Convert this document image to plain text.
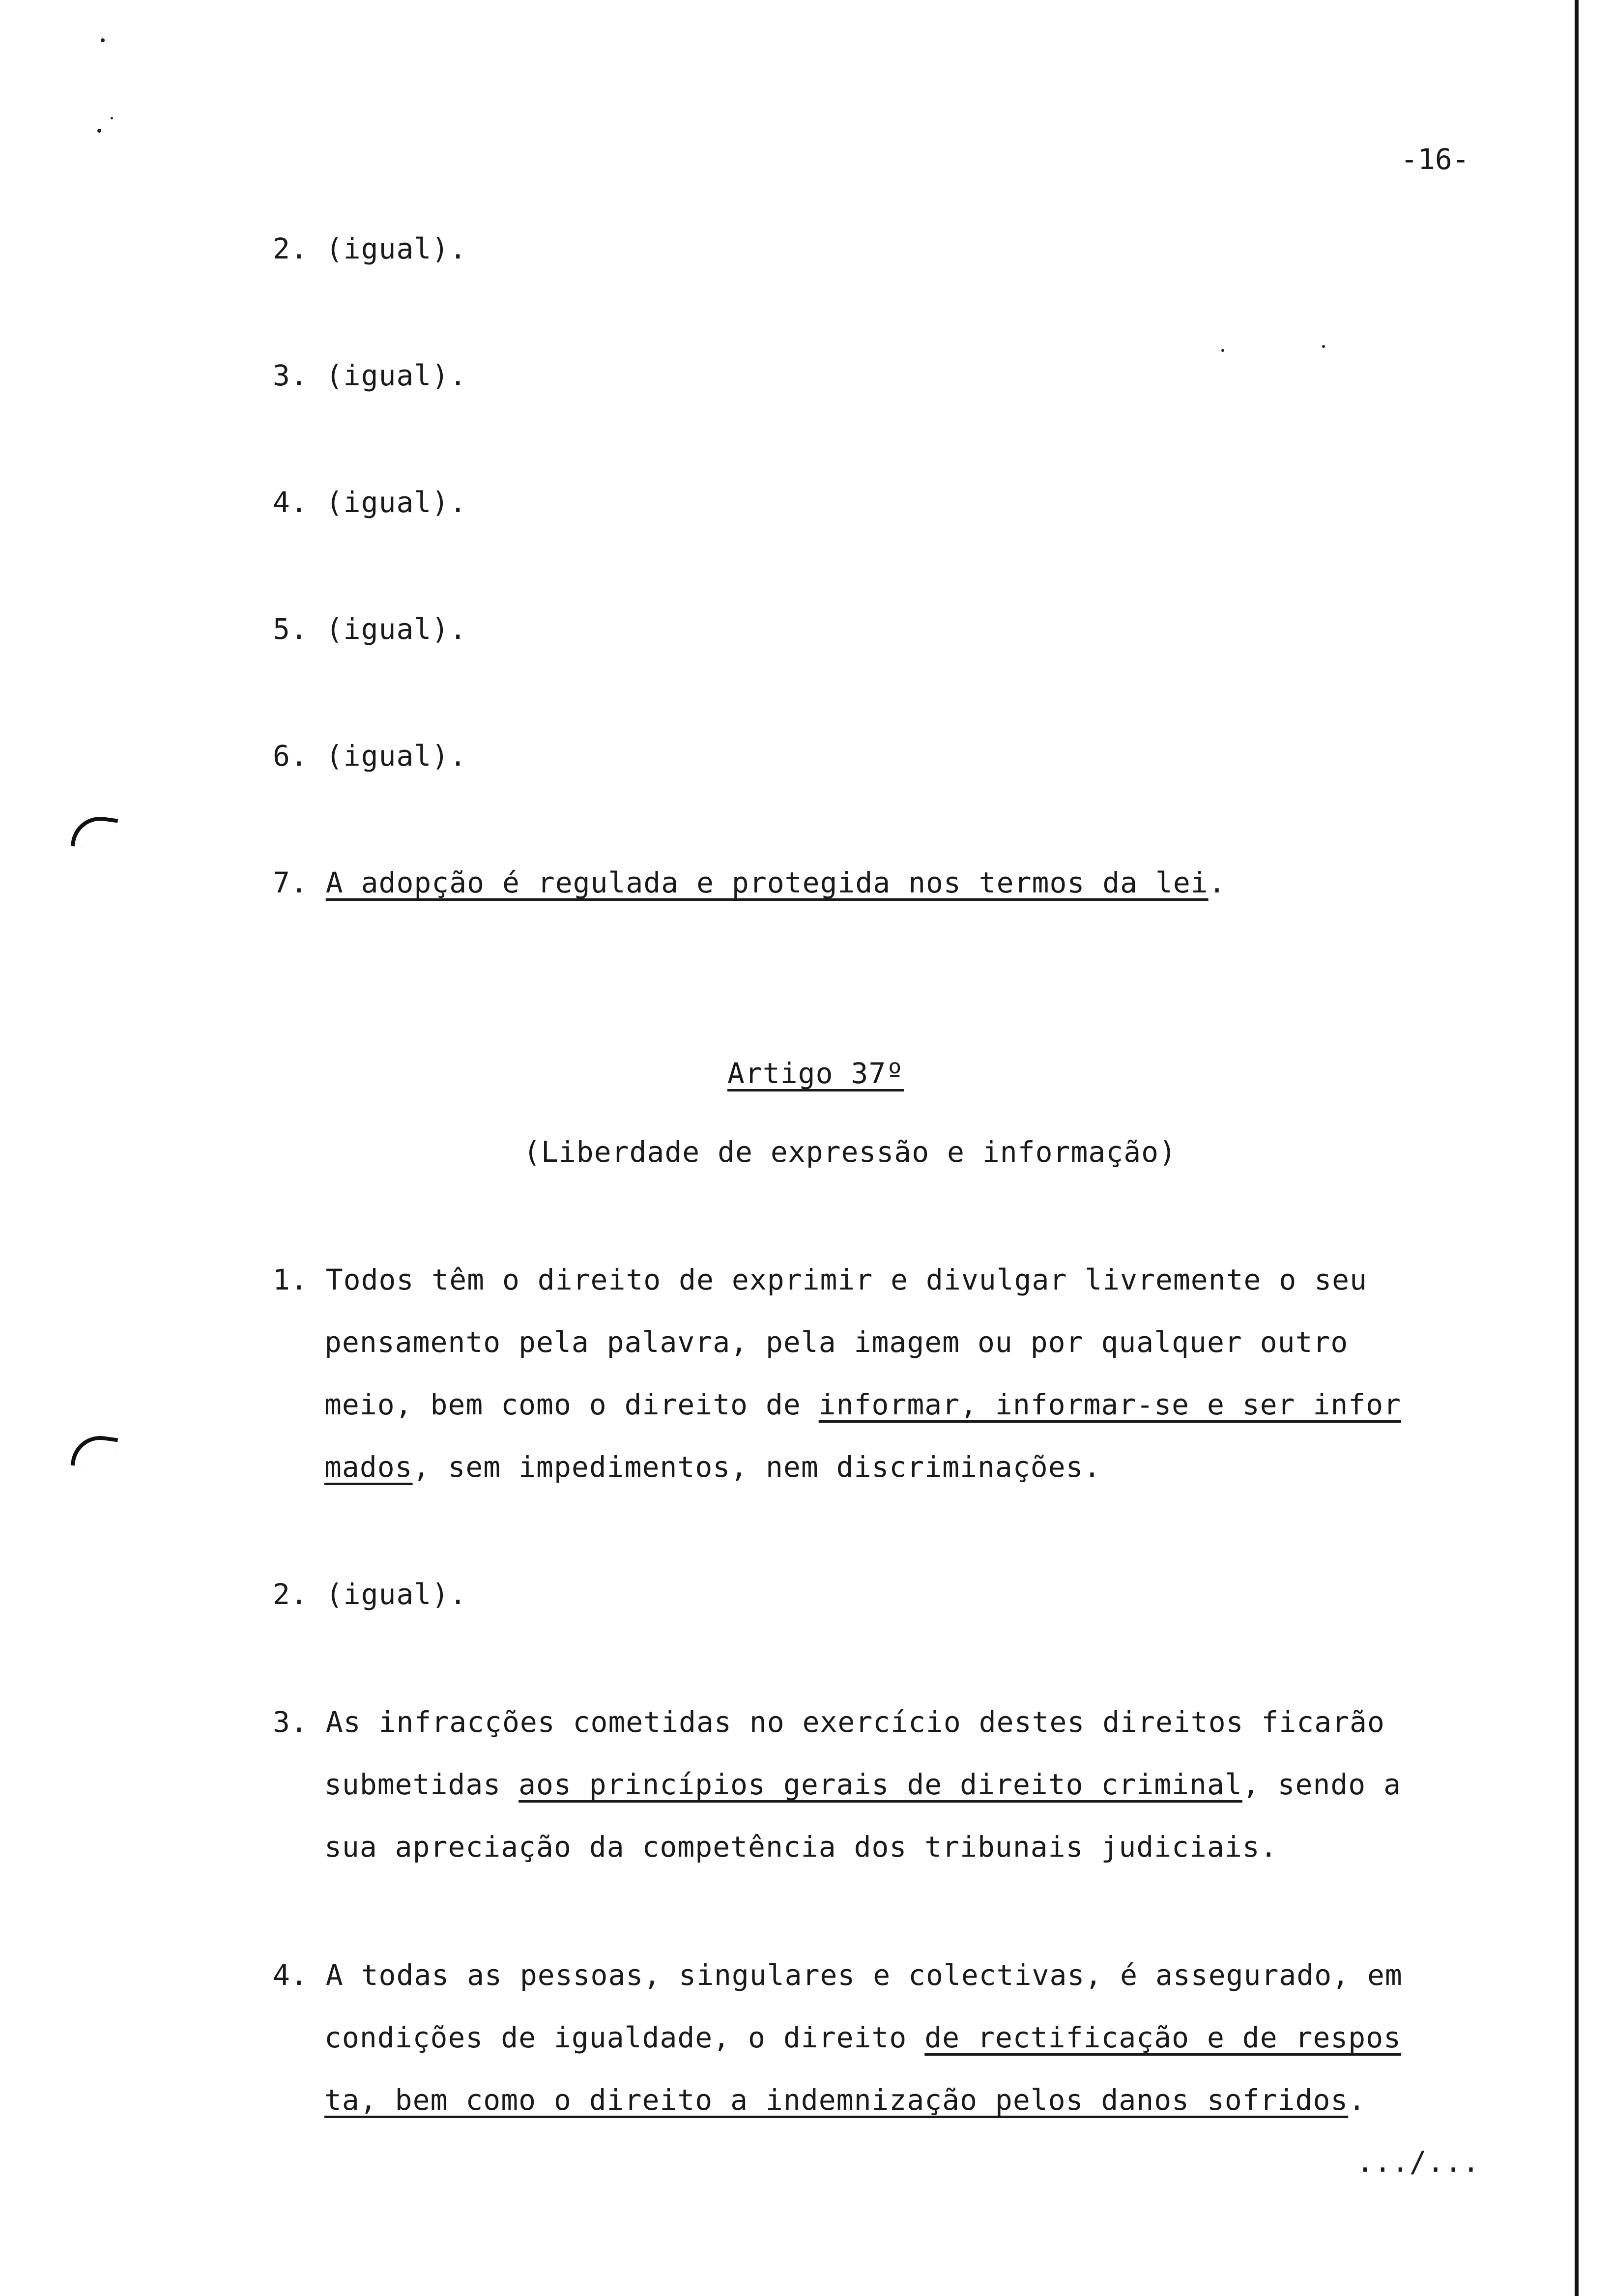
-16-
2. (igual).
3. (igual).
4. (igual).
5. (igual).
6. (igual).
7. A adopção é regulada e protegida nos termos da lei.
Artigo 37º
(Liberdade de expressão e informação)
1. Todos têm o direito de exprimir e divulgar livremente o seu
pensamento pela palavra, pela imagem ou por qualquer outro
meio, bem como o direito de informar, informar-se e ser infor
mados, sem impedimentos, nem discriminações.
2. (igual).
3. As infracções cometidas no exercício destes direitos ficarão
submetidas aos princípios gerais de direito criminal, sendo a
sua apreciação da competência dos tribunais judiciais.
4. A todas as pessoas, singulares e colectivas, é assegurado, em
condições de igualdade, o direito de rectificação e de respos
ta, bem como o direito a indemnização pelos danos sofridos.
.../...
